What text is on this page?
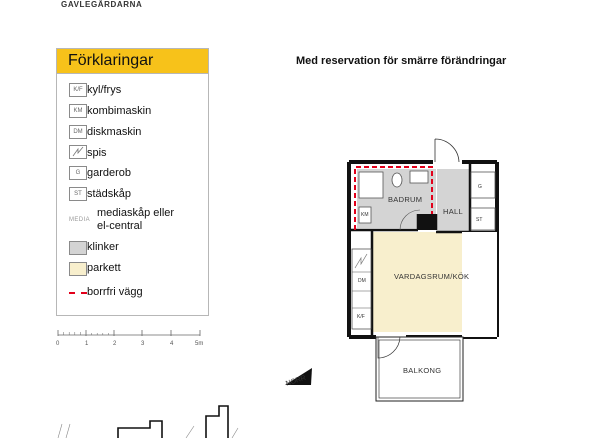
GAVLEGÅRDARNA
Med reservation för smärre förändringar
Förklaringar
K/F kyl/frys
KM kombimaskin
DM diskmaskin
spis
G garderob
ST städskåp
MEDIA
mediaskåp eller
el-central
klinker
parkett
borrfri vägg
0	1	2	3	4	5m
BADRUM
HALL
VARDAGSRUM/KÖK
BALKONG
G
ST
DM
K/F
KM
NORR
